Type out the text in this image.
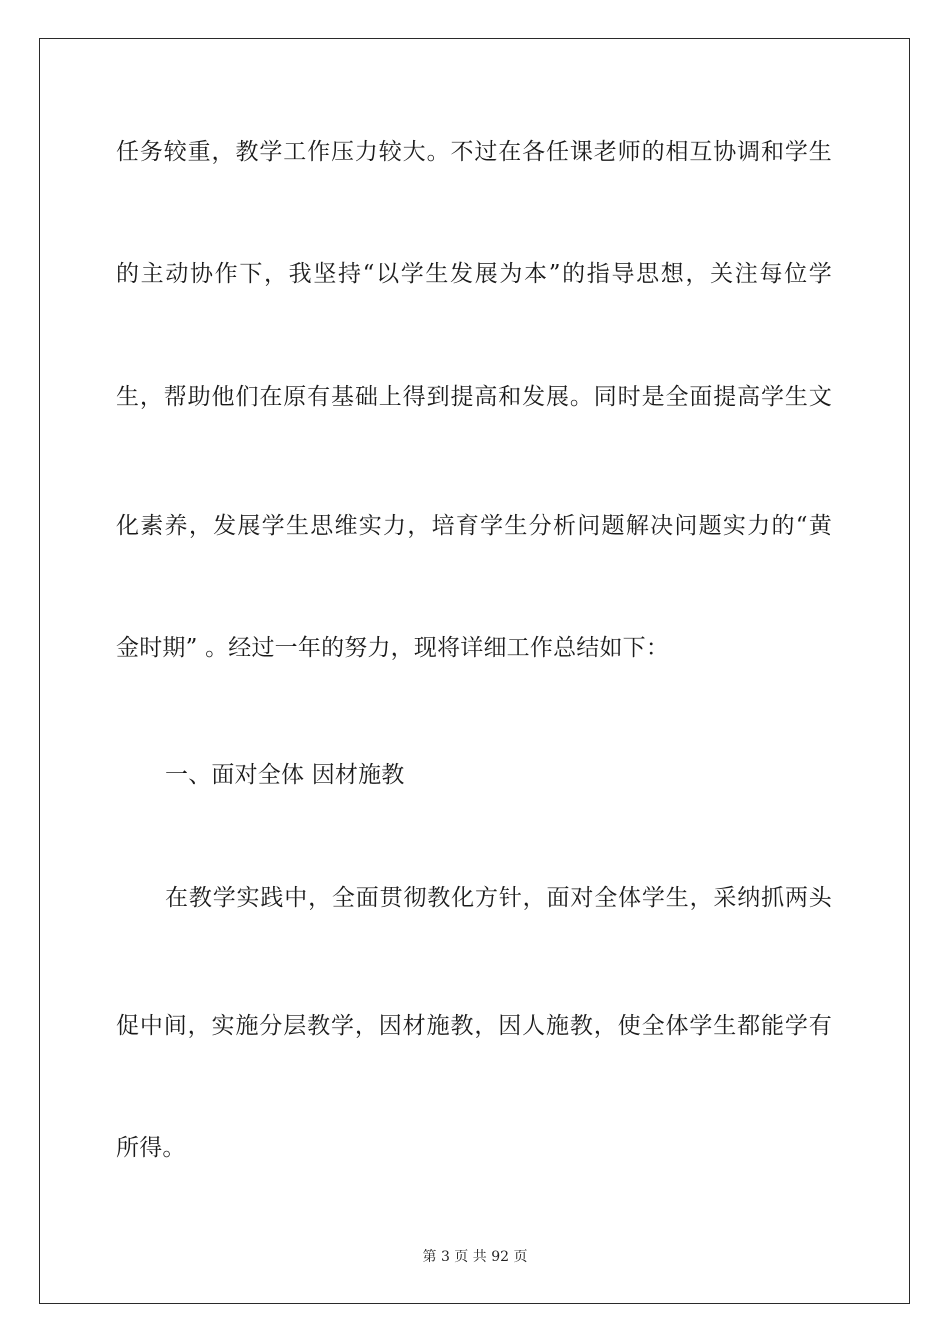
任务较重，教学工作压力较大。不过在各任课老师的相互协调和学生
的主动协作下，我坚持“以学生发展为本”的指导思想，关注每位学
生，帮助他们在原有基础上得到提高和发展。同时是全面提高学生文
化素养，发展学生思维实力，培育学生分析问题解决问题实力的“黄
金时期” 。经过一年的努力，现将详细工作总结如下：
一、面对全体 因材施教
在教学实践中，全面贯彻教化方针，面对全体学生，采纳抓两头
促中间，实施分层教学，因材施教，因人施教，使全体学生都能学有
所得。
第 3 页 共 92 页
